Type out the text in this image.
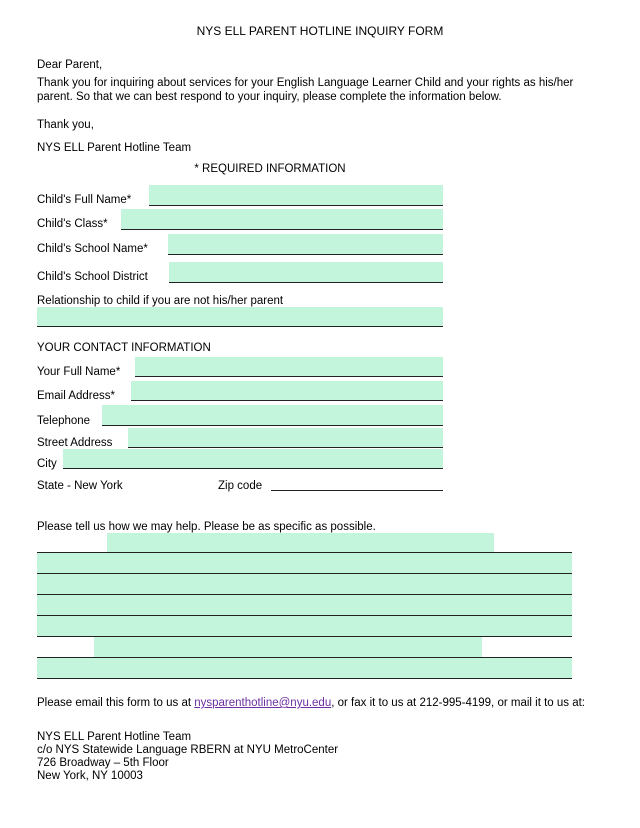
NYS ELL PARENT HOTLINE INQUIRY FORM
Dear Parent,
Thank you for inquiring about services for your English Language Learner Child and your rights as his/her parent. So that we can best respond to your inquiry, please complete the information below.
Thank you,
NYS ELL Parent Hotline Team
* REQUIRED INFORMATION
Child's Full Name*
Child's Class*
Child's School Name*
Child's School District
Relationship to child if you are not his/her parent
YOUR CONTACT INFORMATION
Your Full Name*
Email Address*
Telephone
Street Address
City
State - New York	Zip code
Please tell us how we may help. Please be as specific as possible.
Please email this form to us at nysparenthotline@nyu.edu, or fax it to us at 212-995-4199, or mail it to us at:
NYS ELL Parent Hotline Team
c/o NYS Statewide Language RBERN at NYU MetroCenter
726 Broadway – 5th Floor
New York, NY 10003
